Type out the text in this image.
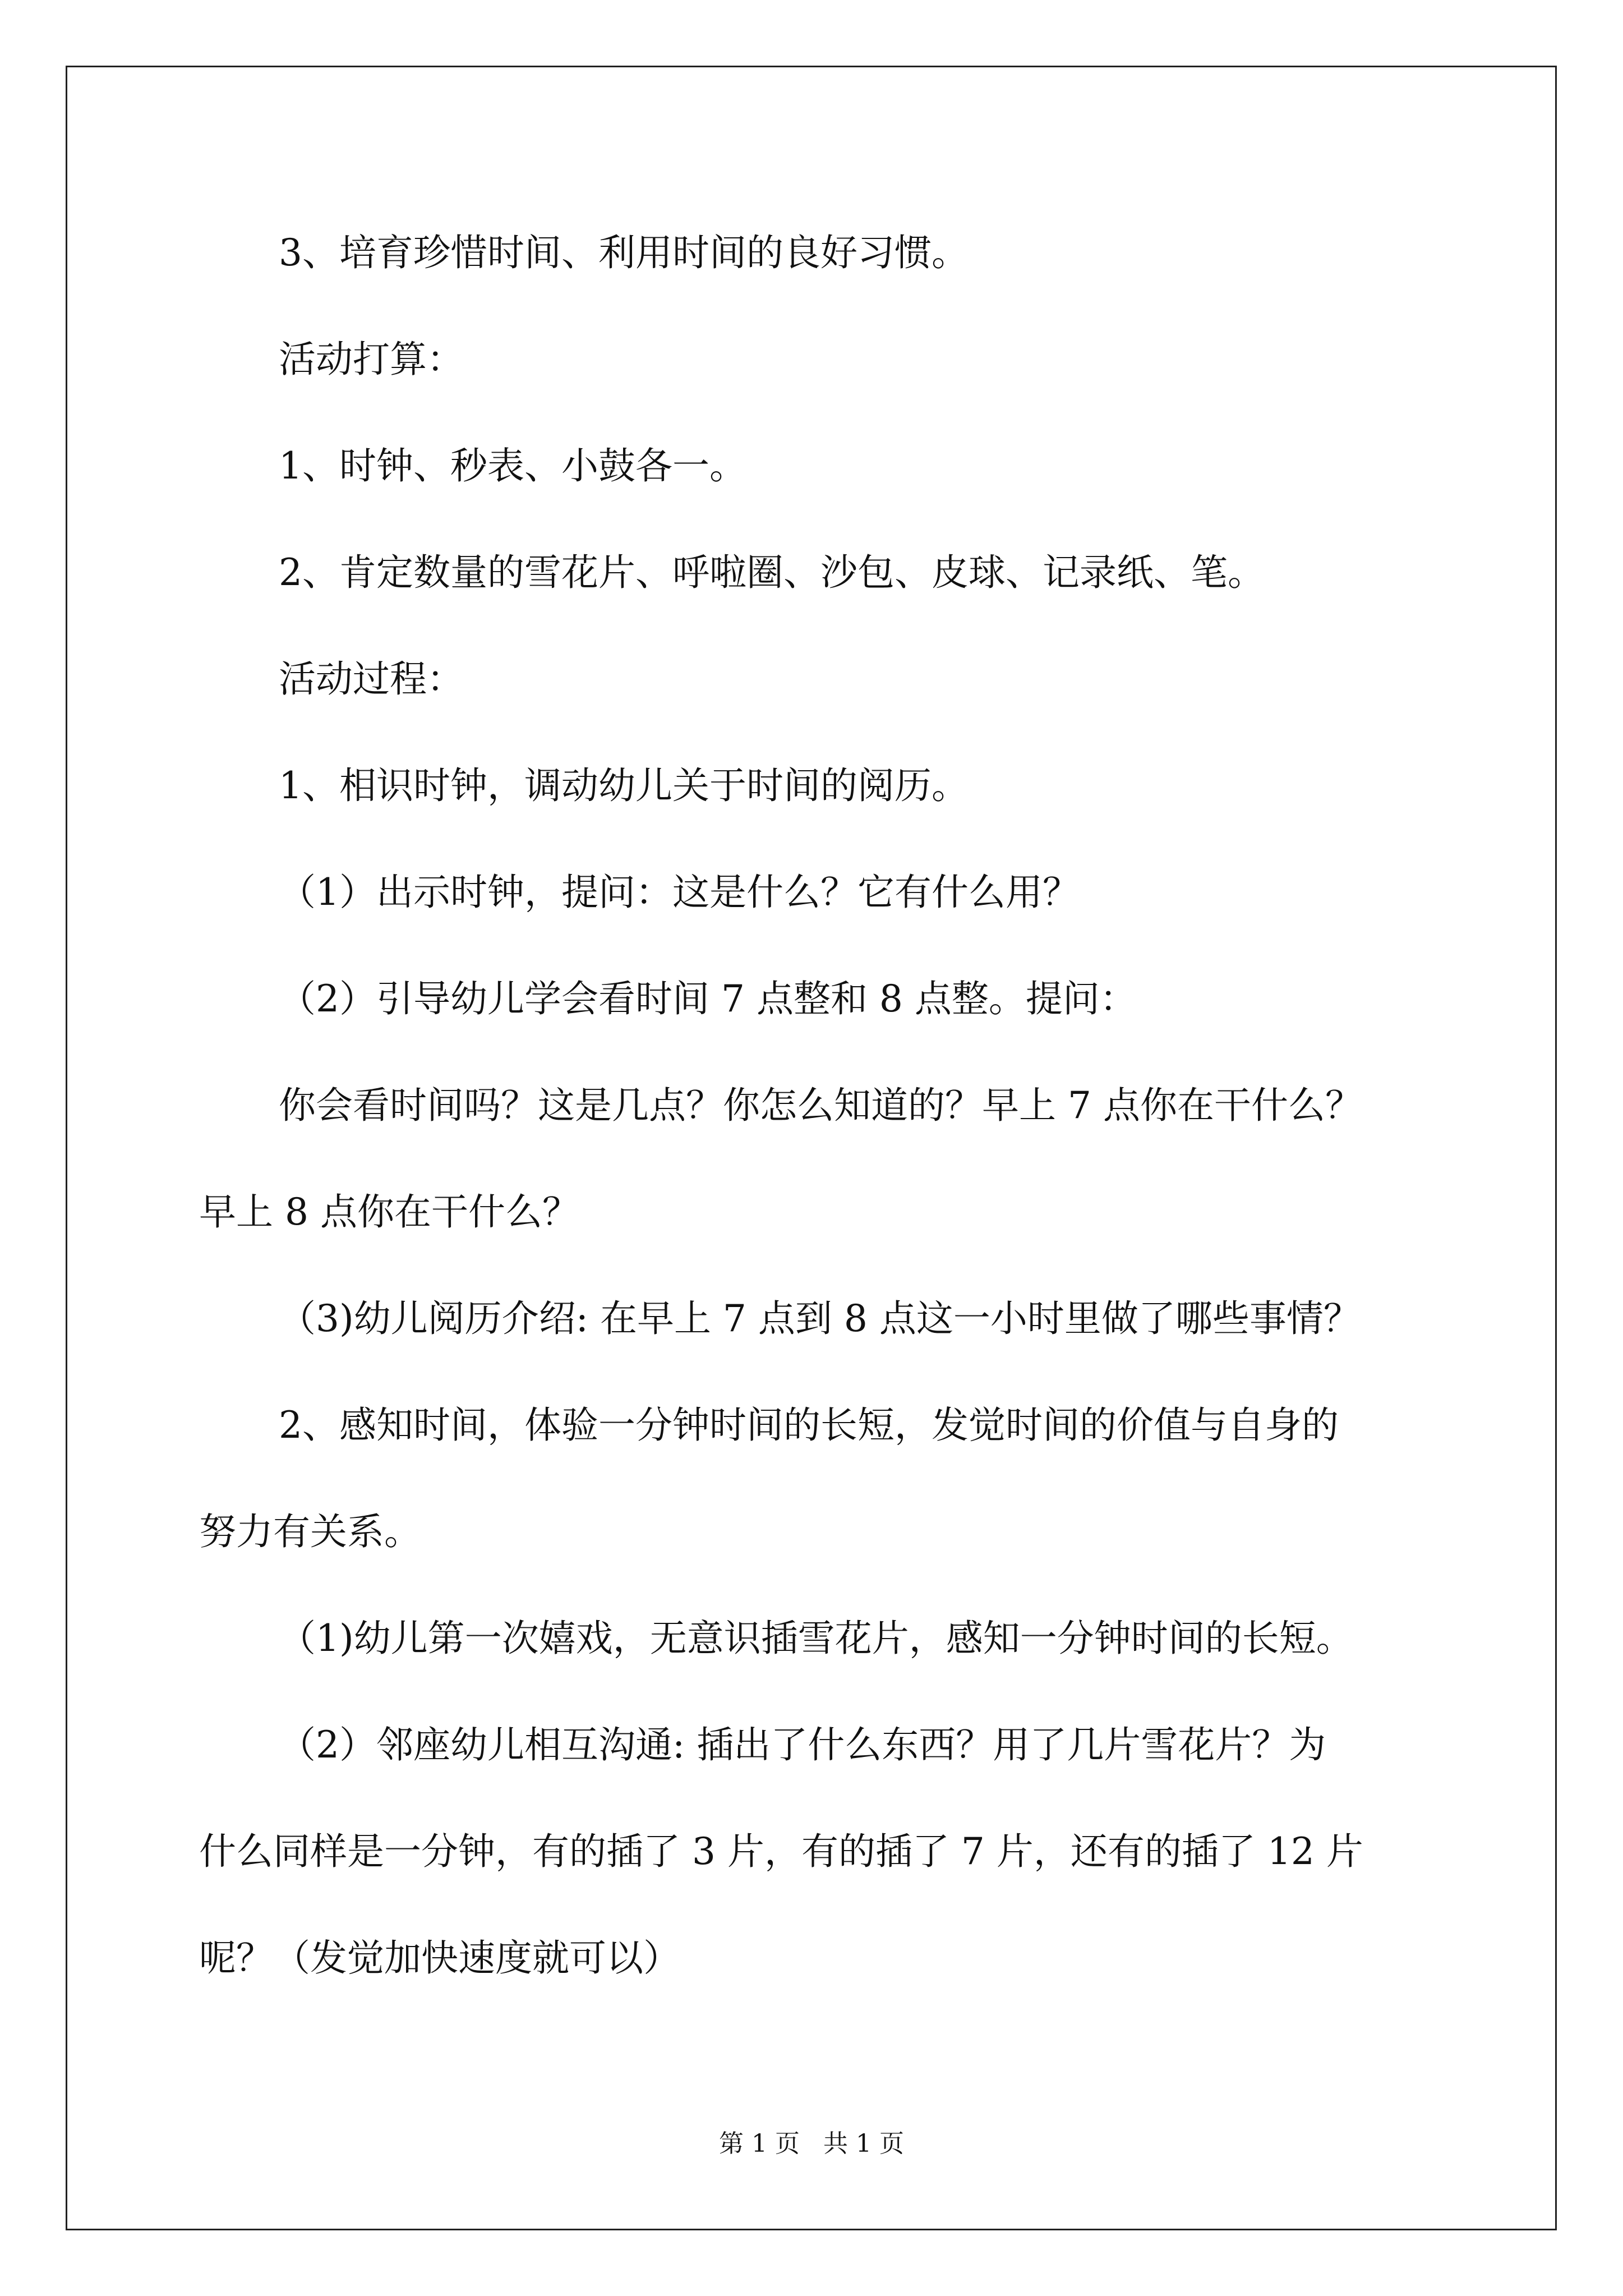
3、培育珍惜时间、利用时间的良好习惯。
活动打算：
1、时钟、秒表、小鼓各一。
2、肯定数量的雪花片、呼啦圈、沙包、皮球、记录纸、笔。
活动过程：
1、相识时钟，调动幼儿关于时间的阅历。
（1）出示时钟，提问：这是什么？它有什么用？
（2）引导幼儿学会看时间 7 点整和 8 点整。提问：
你会看时间吗？这是几点？你怎么知道的？早上 7 点你在干什么？
早上 8 点你在干什么？
（3)幼儿阅历介绍: 在早上 7 点到 8 点这一小时里做了哪些事情？
2、感知时间，体验一分钟时间的长短，发觉时间的价值与自身的
努力有关系。
（1)幼儿第一次嬉戏，无意识插雪花片，感知一分钟时间的长短。
（2）邻座幼儿相互沟通: 插出了什么东西？用了几片雪花片？为
什么同样是一分钟，有的插了 3 片，有的插了 7 片，还有的插了 12 片
呢？（发觉加快速度就可以）
第 1 页   共 1 页
